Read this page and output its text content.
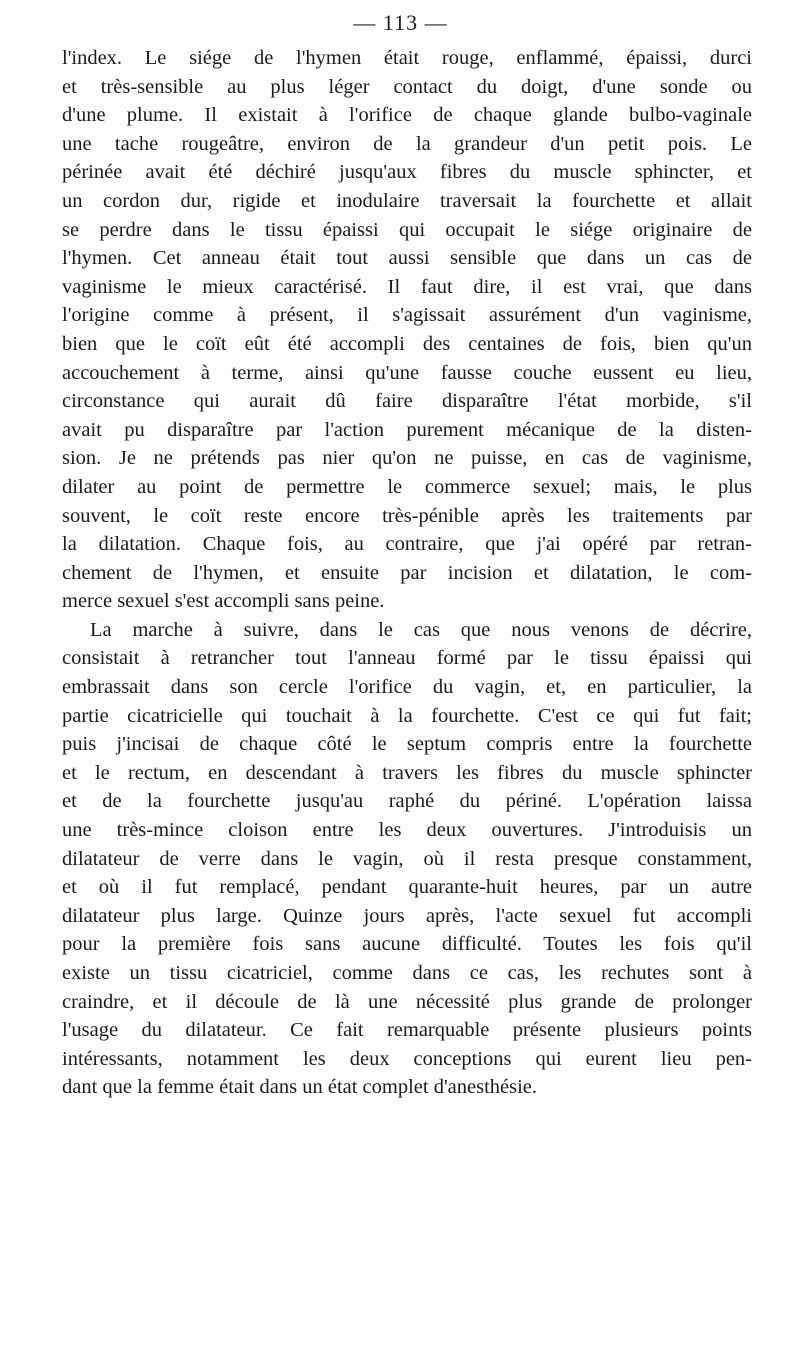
— 113 —
l'index. Le siége de l'hymen était rouge, enflammé, épaissi, durci
et très-sensible au plus léger contact du doigt, d'une sonde ou
d'une plume. Il existait à l'orifice de chaque glande bulbo-vaginale
une tache rougeâtre, environ de la grandeur d'un petit pois. Le
périnée avait été déchiré jusqu'aux fibres du muscle sphincter, et
un cordon dur, rigide et inodulaire traversait la fourchette et allait
se perdre dans le tissu épaissi qui occupait le siége originaire de
l'hymen. Cet anneau était tout aussi sensible que dans un cas de
vaginisme le mieux caractérisé. Il faut dire, il est vrai, que dans
l'origine comme à présent, il s'agissait assurément d'un vaginisme,
bien que le coït eût été accompli des centaines de fois, bien qu'un
accouchement à terme, ainsi qu'une fausse couche eussent eu lieu,
circonstance qui aurait dû faire disparaître l'état morbide, s'il
avait pu disparaître par l'action purement mécanique de la disten-
sion. Je ne prétends pas nier qu'on ne puisse, en cas de vaginisme,
dilater au point de permettre le commerce sexuel; mais, le plus
souvent, le coït reste encore très-pénible après les traitements par
la dilatation. Chaque fois, au contraire, que j'ai opéré par retran-
chement de l'hymen, et ensuite par incision et dilatation, le com-
merce sexuel s'est accompli sans peine.
La marche à suivre, dans le cas que nous venons de décrire,
consistait à retrancher tout l'anneau formé par le tissu épaissi qui
embrassait dans son cercle l'orifice du vagin, et, en particulier, la
partie cicatricielle qui touchait à la fourchette. C'est ce qui fut fait;
puis j'incisai de chaque côté le septum compris entre la fourchette
et le rectum, en descendant à travers les fibres du muscle sphincter
et de la fourchette jusqu'au raphé du périné. L'opération laissa
une très-mince cloison entre les deux ouvertures. J'introduisis un
dilatateur de verre dans le vagin, où il resta presque constamment,
et où il fut remplacé, pendant quarante-huit heures, par un autre
dilatateur plus large. Quinze jours après, l'acte sexuel fut accompli
pour la première fois sans aucune difficulté. Toutes les fois qu'il
existe un tissu cicatriciel, comme dans ce cas, les rechutes sont à
craindre, et il découle de là une nécessité plus grande de prolonger
l'usage du dilatateur. Ce fait remarquable présente plusieurs points
intéressants, notamment les deux conceptions qui eurent lieu pen-
dant que la femme était dans un état complet d'anesthésie.
